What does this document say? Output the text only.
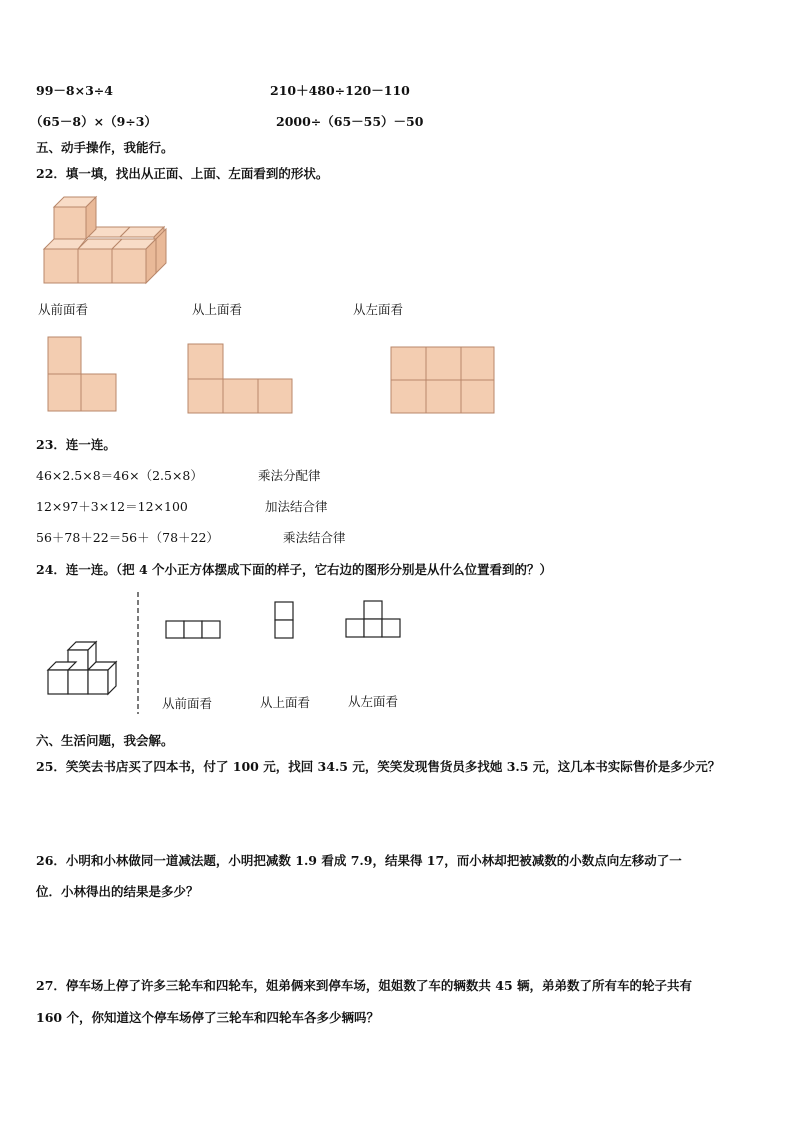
99－8×3÷4	210＋480÷120－110
（65－8）×（9÷3）	2000÷（65－55）－50
五、动手操作，我能行。
22．填一填，找出从正面、上面、左面看到的形状。
从前面看	从上面看	从左面看
23．连一连。
46×2.5×8＝46×（2.5×8）
12×97＋3×12＝12×100
56＋78＋22＝56＋（78＋22）
乘法分配律
加法结合律
乘法结合律
24．连一连。（把 4 个小正方体摆成下面的样子，它右边的图形分别是从什么位置看到的？）
从前面看	从上面看	从左面看
六、生活问题，我会解。
25．笑笑去书店买了四本书，付了 100 元，找回 34.5 元，笑笑发现售货员多找她 3.5 元，这几本书实际售价是多少元？
26．小明和小林做同一道减法题，小明把减数 1.9 看成 7.9，结果得 17，而小林却把被减数的小数点向左移动了一
位．小林得出的结果是多少？
27．停车场上停了许多三轮车和四轮车，姐弟俩来到停车场，姐姐数了车的辆数共 45 辆，弟弟数了所有车的轮子共有
160 个，你知道这个停车场停了三轮车和四轮车各多少辆吗？
